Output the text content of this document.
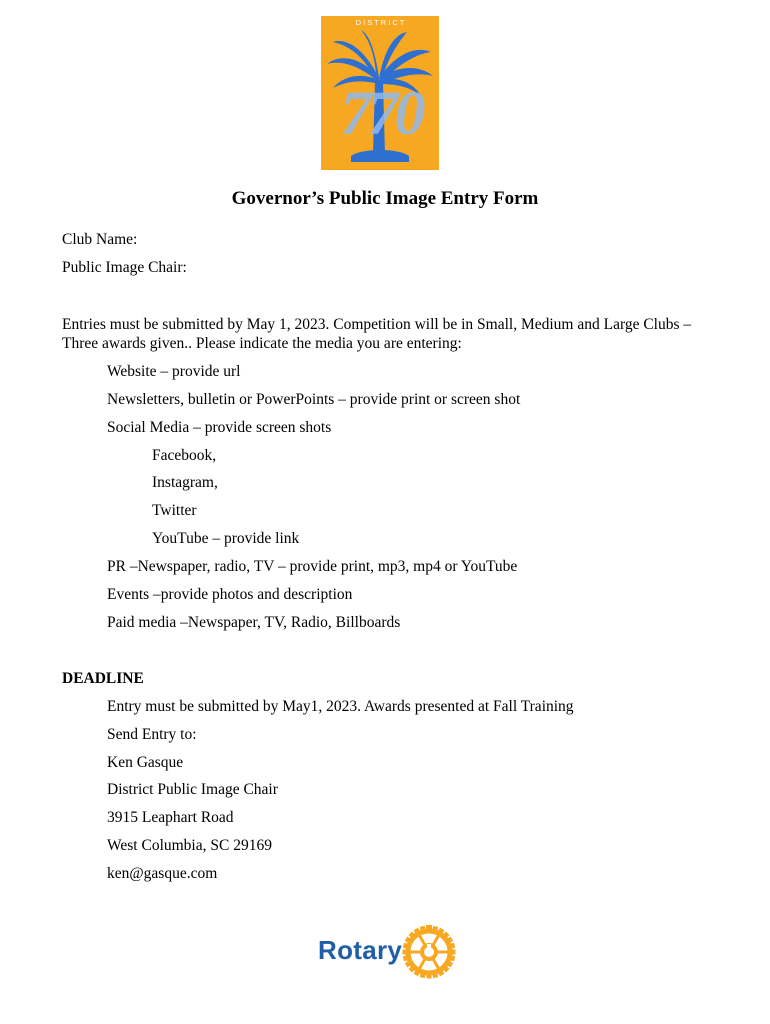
D I S T R I C T
770
Governor’s Public Image Entry Form
Club Name:
Public Image Chair:
Entries must be submitted by May 1, 2023. Competition will be in Small, Medium and Large Clubs –Three awards given.. Please indicate the media you are entering:
Website – provide url
Newsletters, bulletin or PowerPoints – provide print or screen shot
Social Media – provide screen shots
Facebook,
Instagram,
Twitter
YouTube – provide link
PR –Newspaper, radio, TV – provide print, mp3, mp4 or YouTube
Events –provide photos and description
Paid media –Newspaper, TV, Radio, Billboards
DEADLINE
Entry must be submitted by May1, 2023. Awards presented at Fall Training
Send Entry to:
Ken Gasque
District Public Image Chair
3915 Leaphart Road
West Columbia, SC 29169
ken@gasque.com
Rotary
